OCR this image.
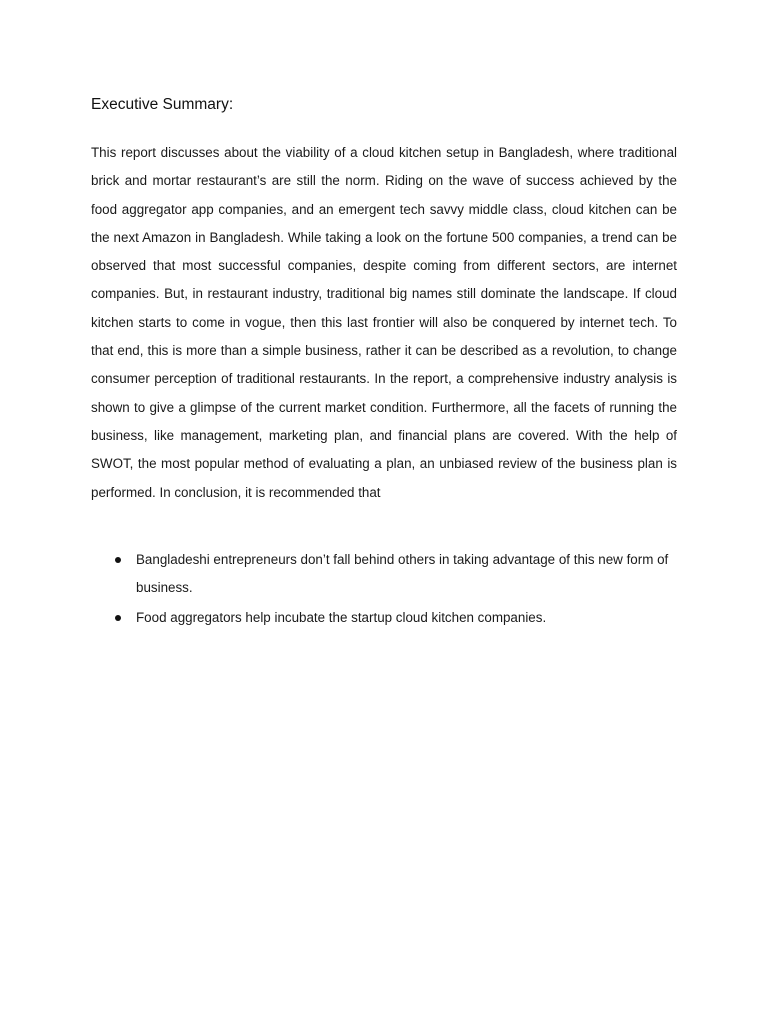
Executive Summary:

This report discusses about the viability of a cloud kitchen setup in Bangladesh, where traditional brick and mortar restaurant’s are still the norm. Riding on the wave of success achieved by the food aggregator app companies, and an emergent tech savvy middle class, cloud kitchen can be the next Amazon in Bangladesh. While taking a look on the fortune 500 companies, a trend can be observed that most successful companies, despite coming from different sectors, are internet companies. But, in restaurant industry, traditional big names still dominate the landscape. If cloud kitchen starts to come in vogue, then this last frontier will also be conquered by internet tech. To that end, this is more than a simple business, rather it can be described as a revolution, to change consumer perception of traditional restaurants. In the report, a comprehensive industry analysis is shown to give a glimpse of the current market condition. Furthermore, all the facets of running the business, like management, marketing plan, and financial plans are covered. With the help of SWOT, the most popular method of evaluating a plan, an unbiased review of the business plan is performed. In conclusion, it is recommended that

Bangladeshi entrepreneurs don’t fall behind others in taking advantage of this new form of business.
Food aggregators help incubate the startup cloud kitchen companies.
